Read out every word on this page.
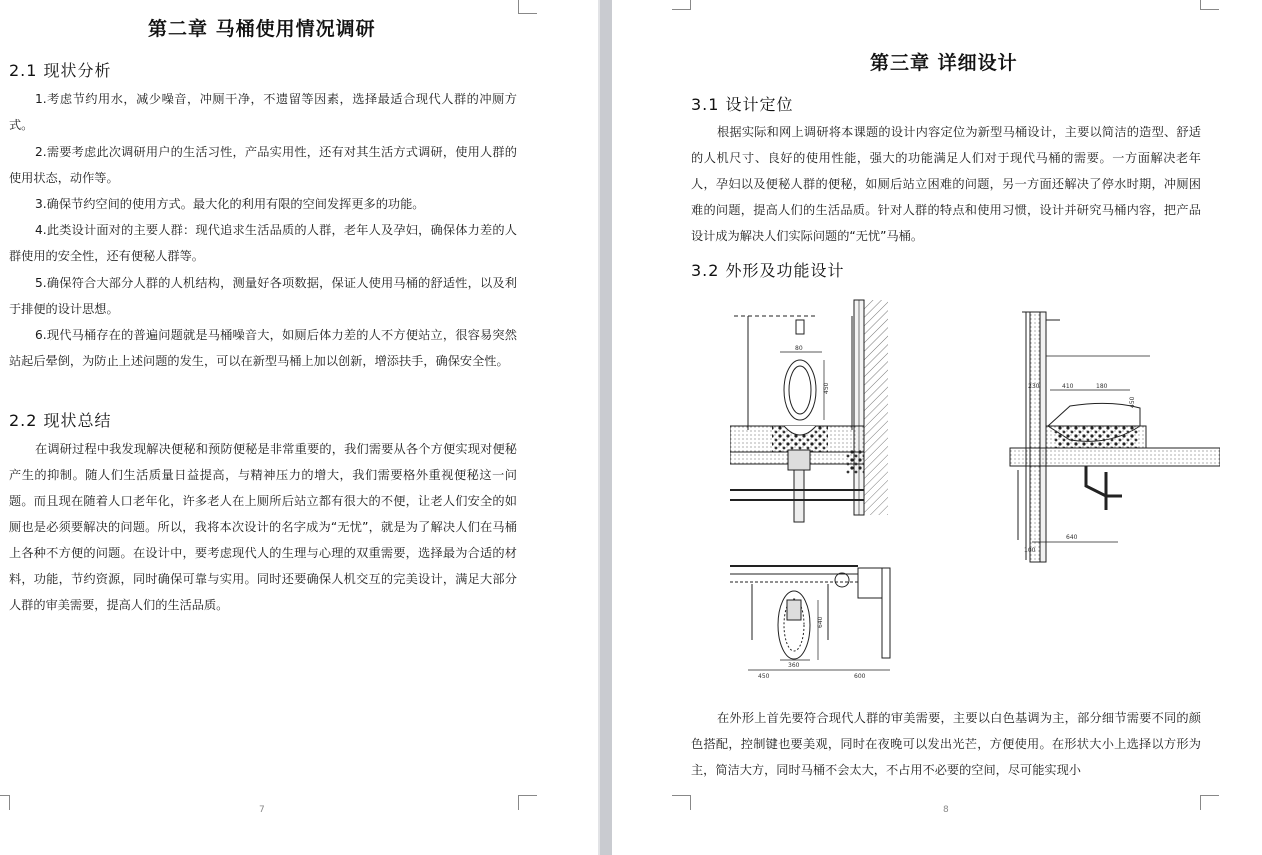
第二章 马桶使用情况调研
2.1 现状分析
1.考虑节约用水，减少噪音，冲厕干净，不遗留等因素，选择最适合现代人群的冲厕方式。
2.需要考虑此次调研用户的生活习性，产品实用性，还有对其生活方式调研，使用人群的使用状态，动作等。
3.确保节约空间的使用方式。最大化的利用有限的空间发挥更多的功能。
4.此类设计面对的主要人群：现代追求生活品质的人群，老年人及孕妇，确保体力差的人群使用的安全性，还有便秘人群等。
5.确保符合大部分人群的人机结构，测量好各项数据，保证人使用马桶的舒适性，以及利于排便的设计思想。
6.现代马桶存在的普遍问题就是马桶噪音大，如厕后体力差的人不方便站立，很容易突然站起后晕倒，为防止上述问题的发生，可以在新型马桶上加以创新，增添扶手，确保安全性。
2.2 现状总结
在调研过程中我发现解决便秘和预防便秘是非常重要的，我们需要从各个方便实现对便秘产生的抑制。随人们生活质量日益提高，与精神压力的增大，我们需要格外重视便秘这一问题。而且现在随着人口老年化，许多老人在上厕所后站立都有很大的不便，让老人们安全的如厕也是必须要解决的问题。所以，我将本次设计的名字成为“无忧”，就是为了解决人们在马桶上各种不方便的问题。在设计中，要考虑现代人的生理与心理的双重需要，选择最为合适的材料，功能，节约资源，同时确保可靠与实用。同时还要确保人机交互的完美设计，满足大部分人群的审美需要，提高人们的生活品质。
7
第三章 详细设计
3.1 设计定位
根据实际和网上调研将本课题的设计内容定位为新型马桶设计，主要以简洁的造型、舒适的人机尺寸、良好的使用性能，强大的功能满足人们对于现代马桶的需要。一方面解决老年人，孕妇以及便秘人群的便秘，如厕后站立困难的问题，另一方面还解决了停水时期，冲厕困难的问题，提高人们的生活品质。针对人群的特点和使用习惯，设计并研究马桶内容，把产品设计成为解决人们实际问题的“无忧”马桶。
3.2 外形及功能设计
80
450	230	410	180
450
640
100
640
360
450	600
在外形上首先要符合现代人群的审美需要，主要以白色基调为主，部分细节需要不同的颜色搭配，控制键也要美观，同时在夜晚可以发出光芒，方便使用。在形状大小上选择以方形为主，简洁大方，同时马桶不会太大，不占用不必要的空间，尽可能实现小
8
